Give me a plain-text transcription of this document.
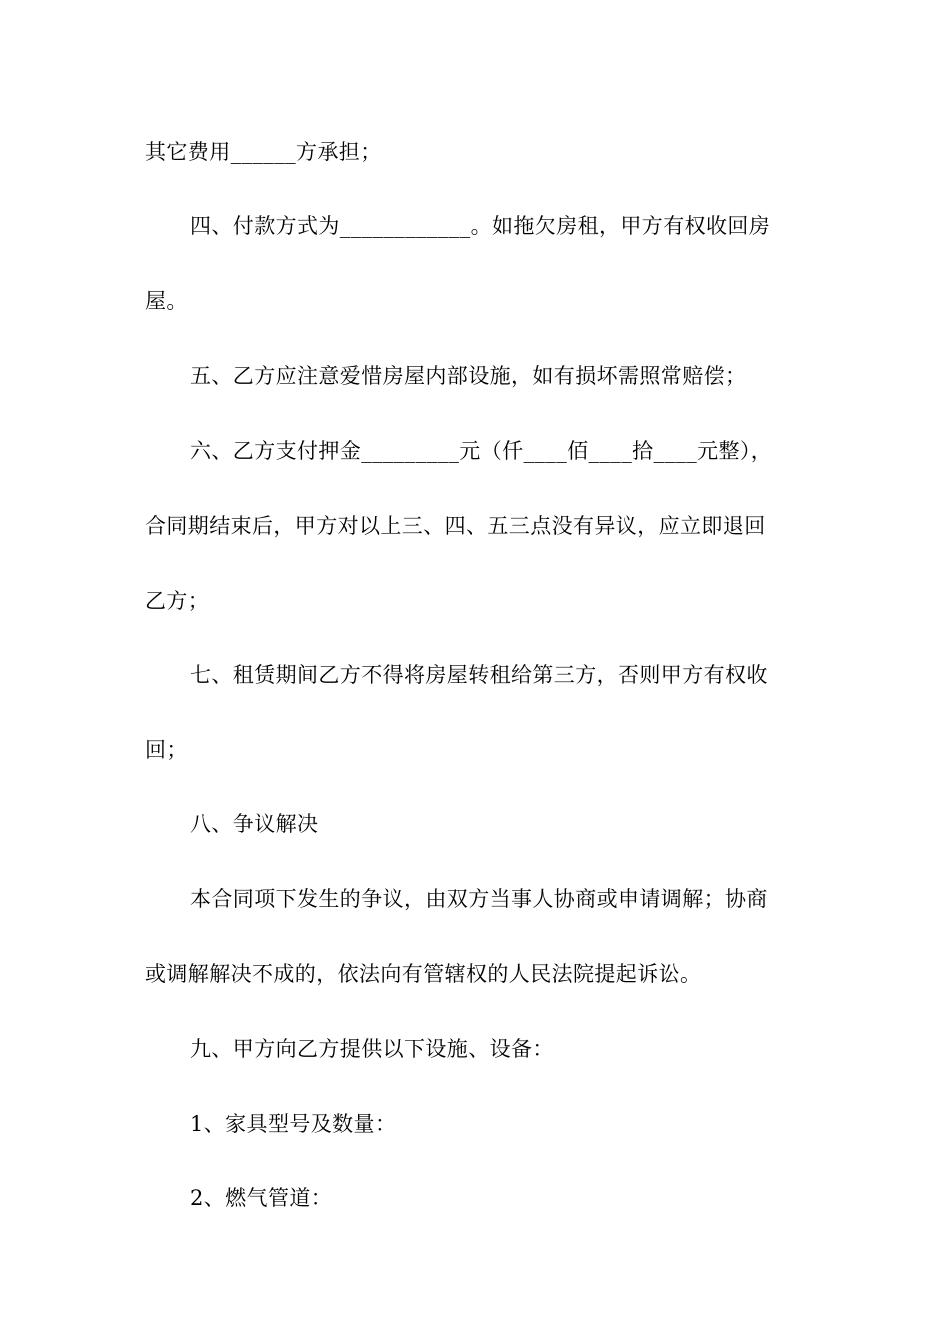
其它费用______方承担；
四、付款方式为____________。如拖欠房租，甲方有权收回房
屋。
五、乙方应注意爱惜房屋内部设施，如有损坏需照常赔偿；
六、乙方支付押金_________元（仟____佰____拾____元整），
合同期结束后，甲方对以上三、四、五三点没有异议，应立即退回
乙方；
七、租赁期间乙方不得将房屋转租给第三方，否则甲方有权收
回；
八、争议解决
本合同项下发生的争议，由双方当事人协商或申请调解；协商
或调解解决不成的，依法向有管辖权的人民法院提起诉讼。
九、甲方向乙方提供以下设施、设备：
1、家具型号及数量：
2、燃气管道：
